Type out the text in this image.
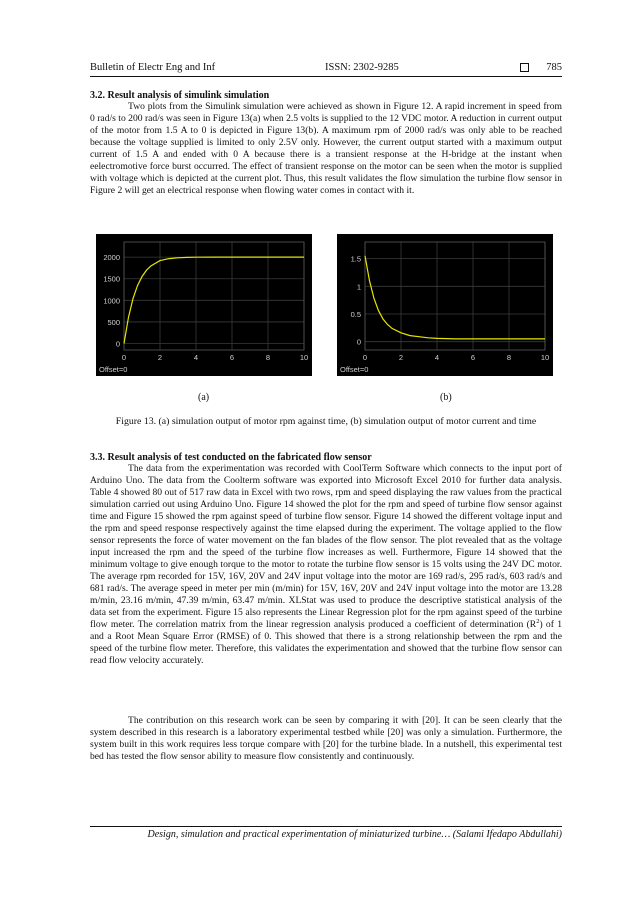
Bulletin of Electr Eng and Inf	ISSN: 2302-9285	785
3.2. Result analysis of simulink simulation

Two plots from the Simulink simulation were achieved as shown in Figure 12. A rapid increment in speed from 0 rad/s to 200 rad/s was seen in Figure 13(a) when 2.5 volts is supplied to the 12 VDC motor. A reduction in current output of the motor from 1.5 A to 0 is depicted in Figure 13(b). A maximum rpm of 2000 rad/s was only able to be reached because the voltage supplied is limited to only 2.5V only. However, the current output started with a maximum output current of 1.5 A and ended with 0 A because there is a transient response at the H-bridge at the instant when eelectromotive force burst occurred. The effect of transient response on the motor can be seen when the motor is supplied with voltage which is depicted at the current plot. Thus, this result validates the flow simulation the turbine flow sensor in Figure 2 will get an electrical response when flowing water comes in contact with it.

0
500
1000
1500
2000
0	2	4	6	8	10
Offset=0
0
0.5
1
1.5
0	2	4	6	8	10
Offset=0
(a)	(b)
Figure 13. (a) simulation output of motor rpm against time, (b) simulation output of motor current and time
3.3. Result analysis of test conducted on the fabricated flow sensor

The data from the experimentation was recorded with CoolTerm Software which connects to the input port of Arduino Uno. The data from the Coolterm software was exported into Microsoft Excel 2010 for further data analysis. Table 4 showed 80 out of 517 raw data in Excel with two rows, rpm and speed displaying the raw values from the practical simulation carried out using Arduino Uno. Figure 14 showed the plot for the rpm and speed of turbine flow sensor against time and Figure 15 showed the rpm against speed of turbine flow sensor. Figure 14 showed the different voltage input and the rpm and speed response respectively against the time elapsed during the experiment. The voltage applied to the flow sensor represents the force of water movement on the fan blades of the flow sensor. The plot revealed that as the voltage input increased the rpm and the speed of the turbine flow increases as well. Furthermore, Figure 14 showed that the minimum voltage to give enough torque to the motor to rotate the turbine flow sensor is 15 volts using the 24V DC motor. The average rpm recorded for 15V, 16V, 20V and 24V input voltage into the motor are 169 rad/s, 295 rad/s, 603 rad/s and 681 rad/s. The average speed in meter per min (m/min) for 15V, 16V, 20V and 24V input voltage into the motor are 13.28 m/min, 23.16 m/min, 47.39 m/min, 63.47 m/min. XLStat was used to produce the descriptive statistical analysis of the data set from the experiment. Figure 15 also represents the Linear Regression plot for the rpm against speed of the turbine flow meter. The correlation matrix from the linear regression analysis produced a coefficient of determination $(R^2)$ of 1 and a Root Mean Square Error (RMSE) of 0. This showed that there is a strong relationship between the rpm and the speed of the turbine flow meter. Therefore, this validates the experimentation and showed that the turbine flow sensor can read flow velocity accurately.

The contribution on this research work can be seen by comparing it with [20]. It can be seen clearly that the system described in this research is a laboratory experimental testbed while [20] was only a simulation. Furthermore, the system built in this work requires less torque compare with [20] for the turbine blade. In a nutshell, this experimental test bed has tested the flow sensor ability to measure flow consistently and continuously.

Design, simulation and practical experimentation of miniaturized turbine… (Salami Ifedapo Abdullahi)
